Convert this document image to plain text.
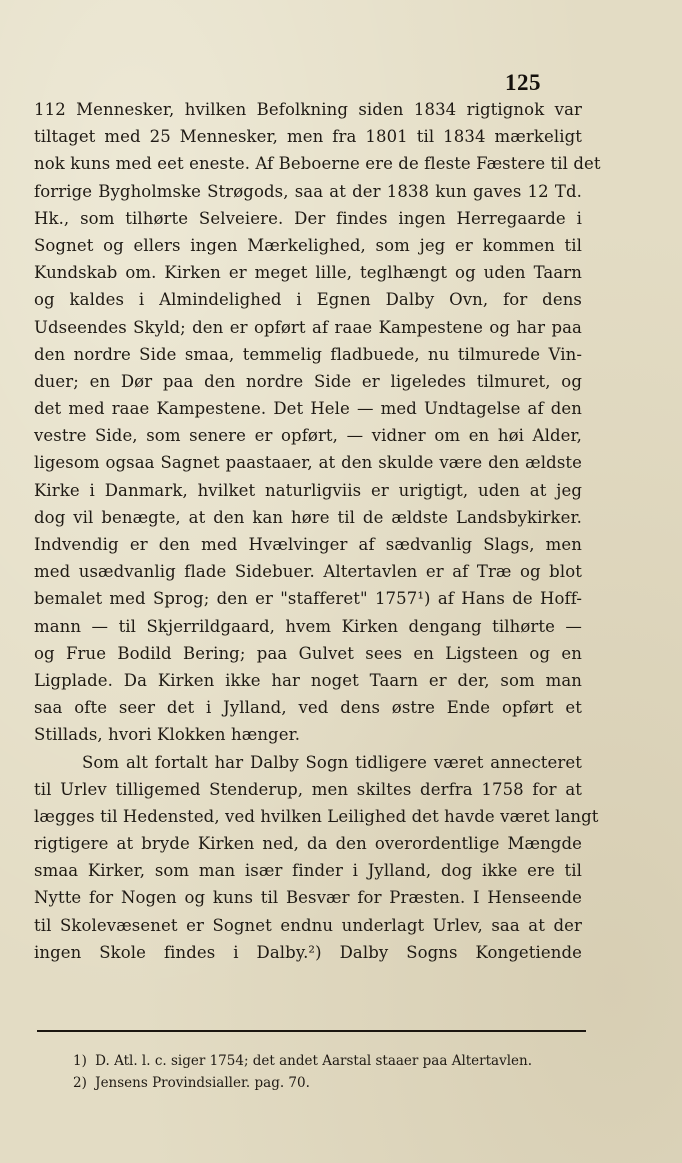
125
112 Mennesker, hvilken Befolkning siden 1834 rigtignok var
tiltaget med 25 Mennesker, men fra 1801 til 1834 mærkeligt
nok kuns med eet eneste. Af Beboerne ere de fleste Fæstere til det
forrige Bygholmske Strøgods, saa at der 1838 kun gaves 12 Td.
Hk., som tilhørte Selveiere. Der findes ingen Herregaarde i
Sognet og ellers ingen Mærkelighed, som jeg er kommen til
Kundskab om. Kirken er meget lille, teglhængt og uden Taarn
og kaldes i Almindelighed i Egnen Dalby Ovn, for dens
Udseendes Skyld; den er opført af raae Kampestene og har paa
den nordre Side smaa, temmelig fladbuede, nu tilmurede Vin-
duer; en Dør paa den nordre Side er ligeledes tilmuret, og
det med raae Kampestene. Det Hele — med Undtagelse af den
vestre Side, som senere er opført, — vidner om en høi Alder,
ligesom ogsaa Sagnet paastaaer, at den skulde være den ældste
Kirke i Danmark, hvilket naturligviis er urigtigt, uden at jeg
dog vil benægte, at den kan høre til de ældste Landsbykirker.
Indvendig er den med Hvælvinger af sædvanlig Slags, men
med usædvanlig flade Sidebuer. Altertavlen er af Træ og blot
bemalet med Sprog; den er "stafferet" 1757¹) af Hans de Hoff-
mann — til Skjerrildgaard, hvem Kirken dengang tilhørte —
og Frue Bodild Bering; paa Gulvet sees en Ligsteen og en
Ligplade. Da Kirken ikke har noget Taarn er der, som man
saa ofte seer det i Jylland, ved dens østre Ende opført et
Stillads, hvori Klokken hænger.
Som alt fortalt har Dalby Sogn tidligere været annecteret
til Urlev tilligemed Stenderup, men skiltes derfra 1758 for at
lægges til Hedensted, ved hvilken Leilighed det havde været langt
rigtigere at bryde Kirken ned, da den overordentlige Mængde
smaa Kirker, som man især finder i Jylland, dog ikke ere til
Nytte for Nogen og kuns til Besvær for Præsten. I Henseende
til Skolevæsenet er Sognet endnu underlagt Urlev, saa at der
ingen Skole findes i Dalby.²) Dalby Sogns Kongetiende
1) D. Atl. l. c. siger 1754; det andet Aarstal staaer paa Altertavlen.
2) Jensens Provindsialler. pag. 70.
